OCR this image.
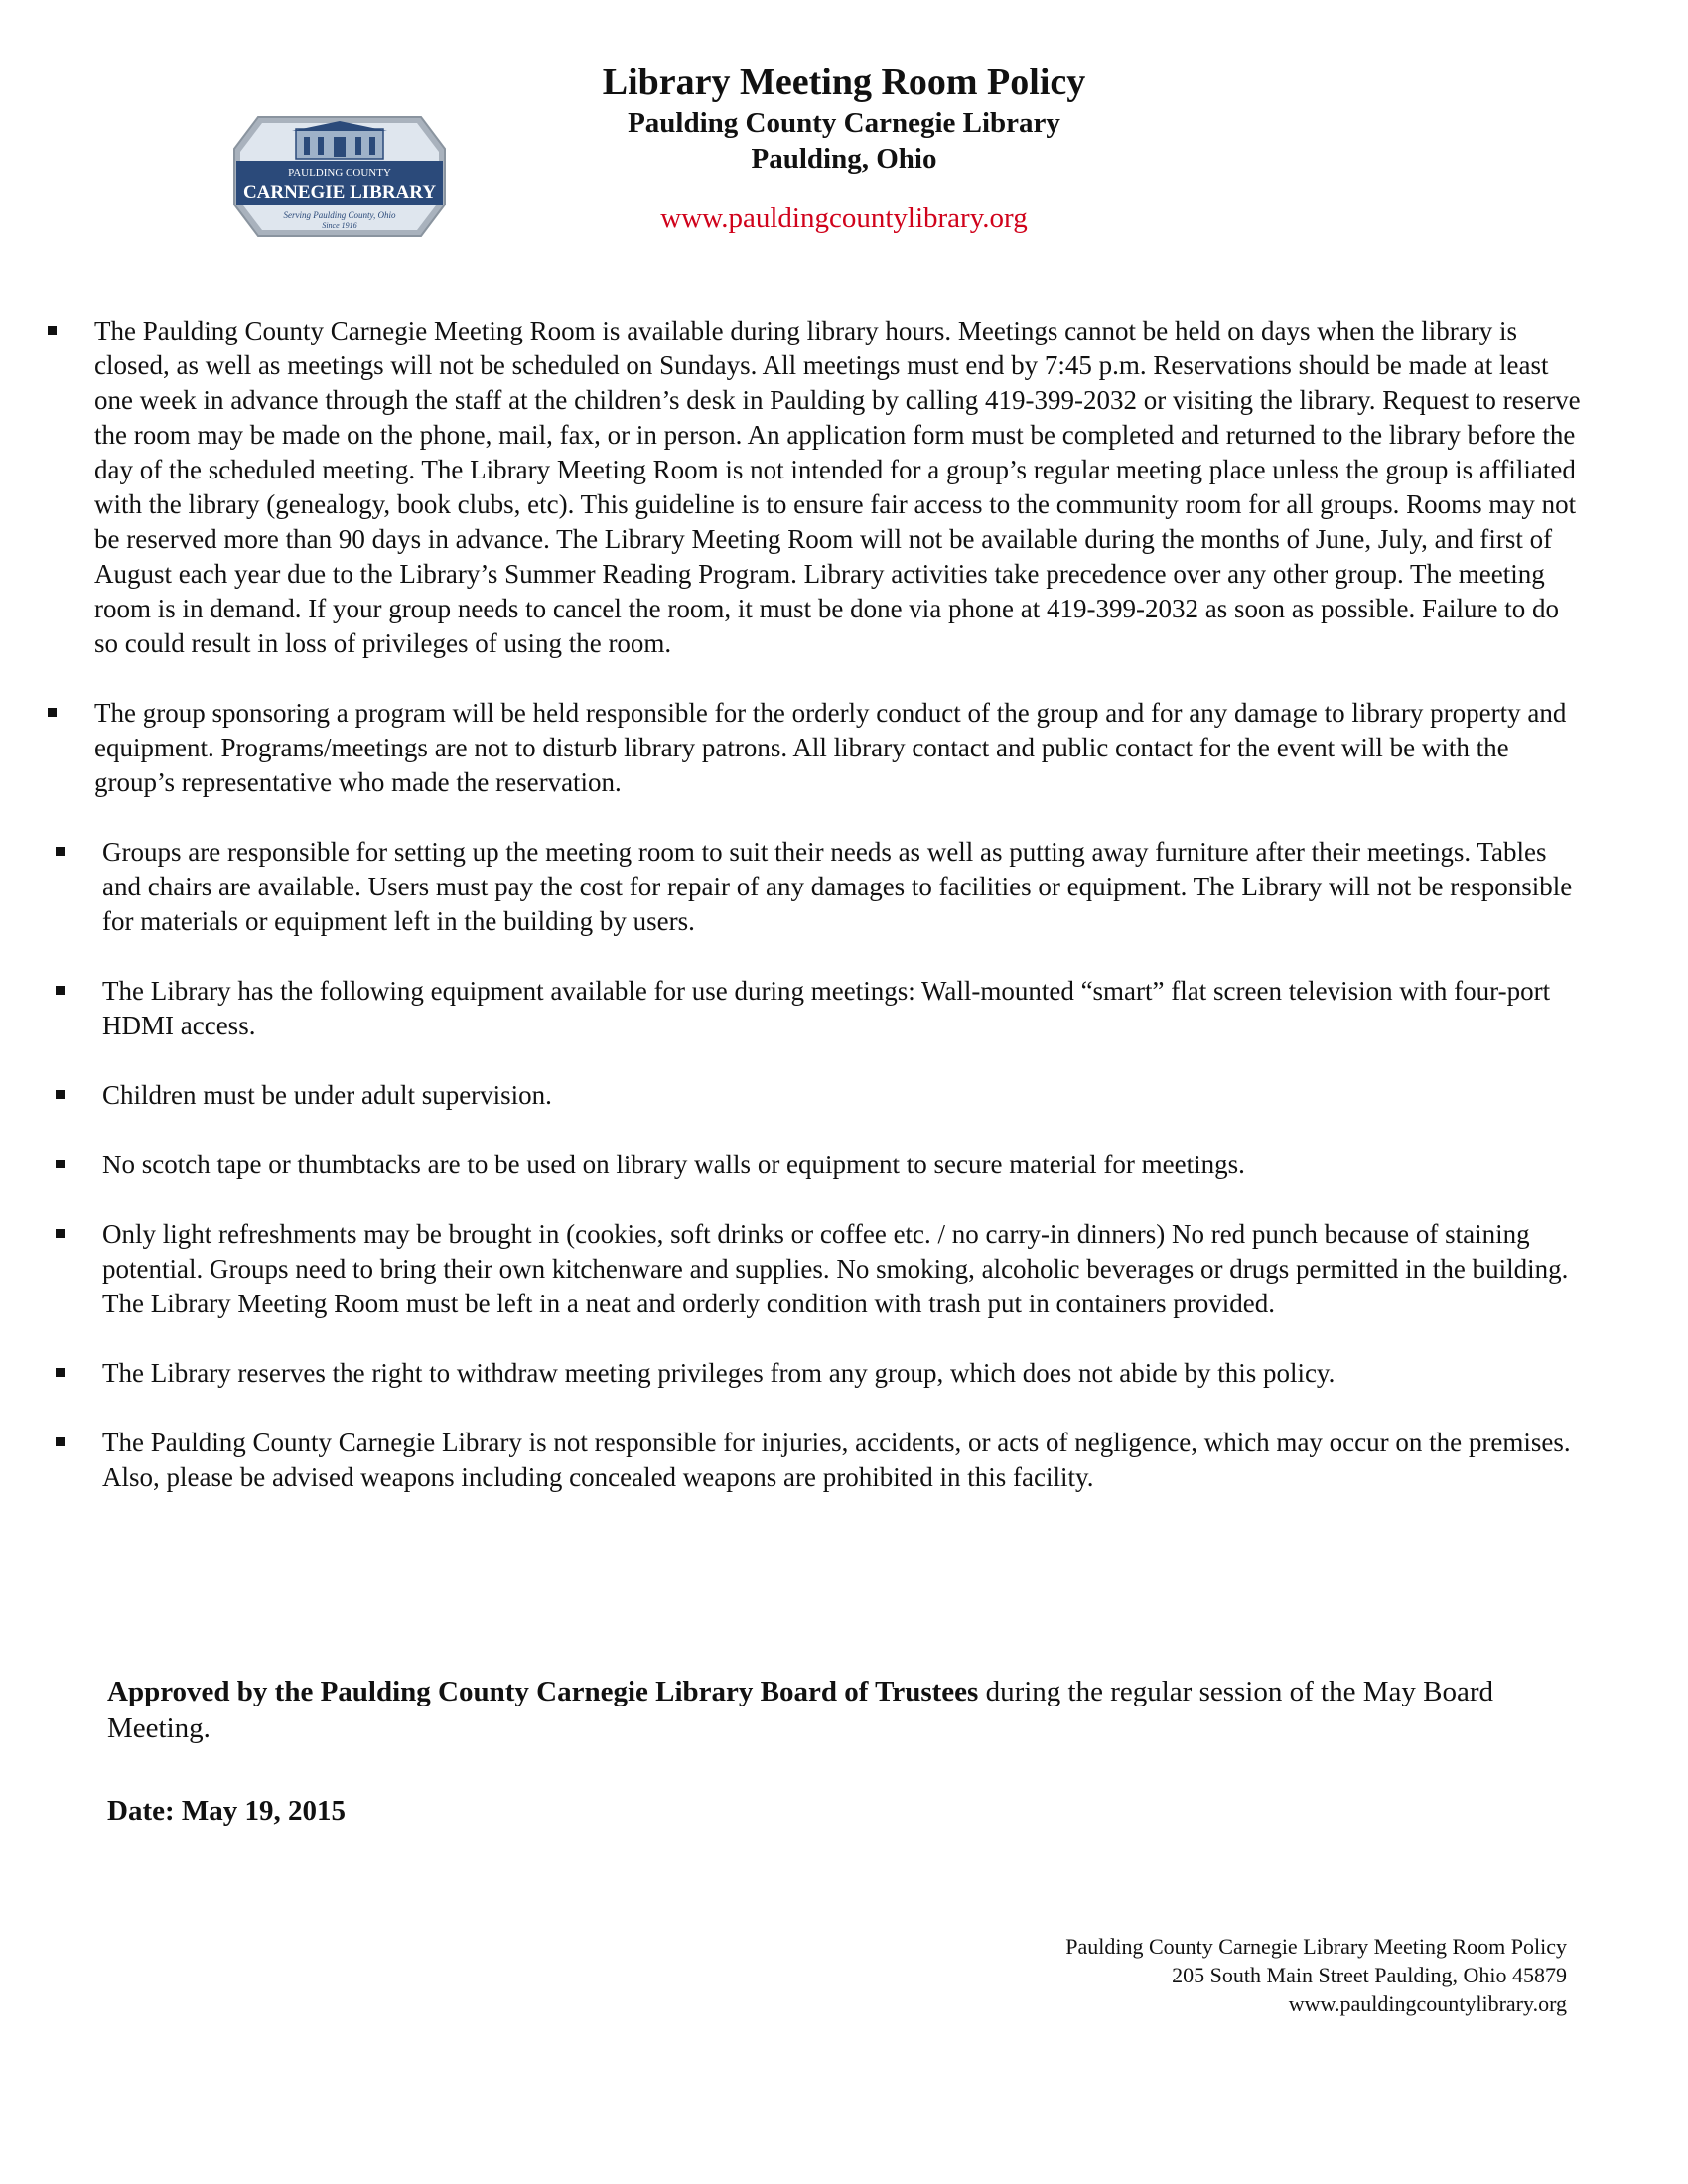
PAULDING COUNTY
CARNEGIE LIBRARY
Serving Paulding County, Ohio
Since 1916
Library Meeting Room Policy
Paulding County Carnegie Library
Paulding, Ohio
www.pauldingcountylibrary.org
The Paulding County Carnegie Meeting Room is available during library hours. Meetings cannot be held on days when the library is closed, as well as meetings will not be scheduled on Sundays. All meetings must end by 7:45 p.m. Reservations should be made at least one week in advance through the staff at the children’s desk in Paulding by calling 419-399-2032 or visiting the library. Request to reserve the room may be made on the phone, mail, fax, or in person. An application form must be completed and returned to the library before the day of the scheduled meeting. The Library Meeting Room is not intended for a group’s regular meeting place unless the group is affiliated with the library (genealogy, book clubs, etc). This guideline is to ensure fair access to the community room for all groups. Rooms may not be reserved more than 90 days in advance. The Library Meeting Room will not be available during the months of June, July, and first of August each year due to the Library’s Summer Reading Program. Library activities take precedence over any other group. The meeting room is in demand. If your group needs to cancel the room, it must be done via phone at 419-399-2032 as soon as possible. Failure to do so could result in loss of privileges of using the room.
The group sponsoring a program will be held responsible for the orderly conduct of the group and for any damage to library property and equipment. Programs/meetings are not to disturb library patrons. All library contact and public contact for the event will be with the group’s representative who made the reservation.
Groups are responsible for setting up the meeting room to suit their needs as well as putting away furniture after their meetings. Tables and chairs are available. Users must pay the cost for repair of any damages to facilities or equipment. The Library will not be responsible for materials or equipment left in the building by users.
The Library has the following equipment available for use during meetings: Wall-mounted “smart” flat screen television with four-port HDMI access.
Children must be under adult supervision.
No scotch tape or thumbtacks are to be used on library walls or equipment to secure material for meetings.
Only light refreshments may be brought in (cookies, soft drinks or coffee etc. / no carry-in dinners) No red punch because of staining potential. Groups need to bring their own kitchenware and supplies. No smoking, alcoholic beverages or drugs permitted in the building. The Library Meeting Room must be left in a neat and orderly condition with trash put in containers provided.
The Library reserves the right to withdraw meeting privileges from any group, which does not abide by this policy.
The Paulding County Carnegie Library is not responsible for injuries, accidents, or acts of negligence, which may occur on the premises. Also, please be advised weapons including concealed weapons are prohibited in this facility.
Approved by the Paulding County Carnegie Library Board of Trustees during the regular session of the May Board Meeting.
Date: May 19, 2015
Paulding County Carnegie Library Meeting Room Policy
205 South Main Street Paulding, Ohio 45879
www.pauldingcountylibrary.org
